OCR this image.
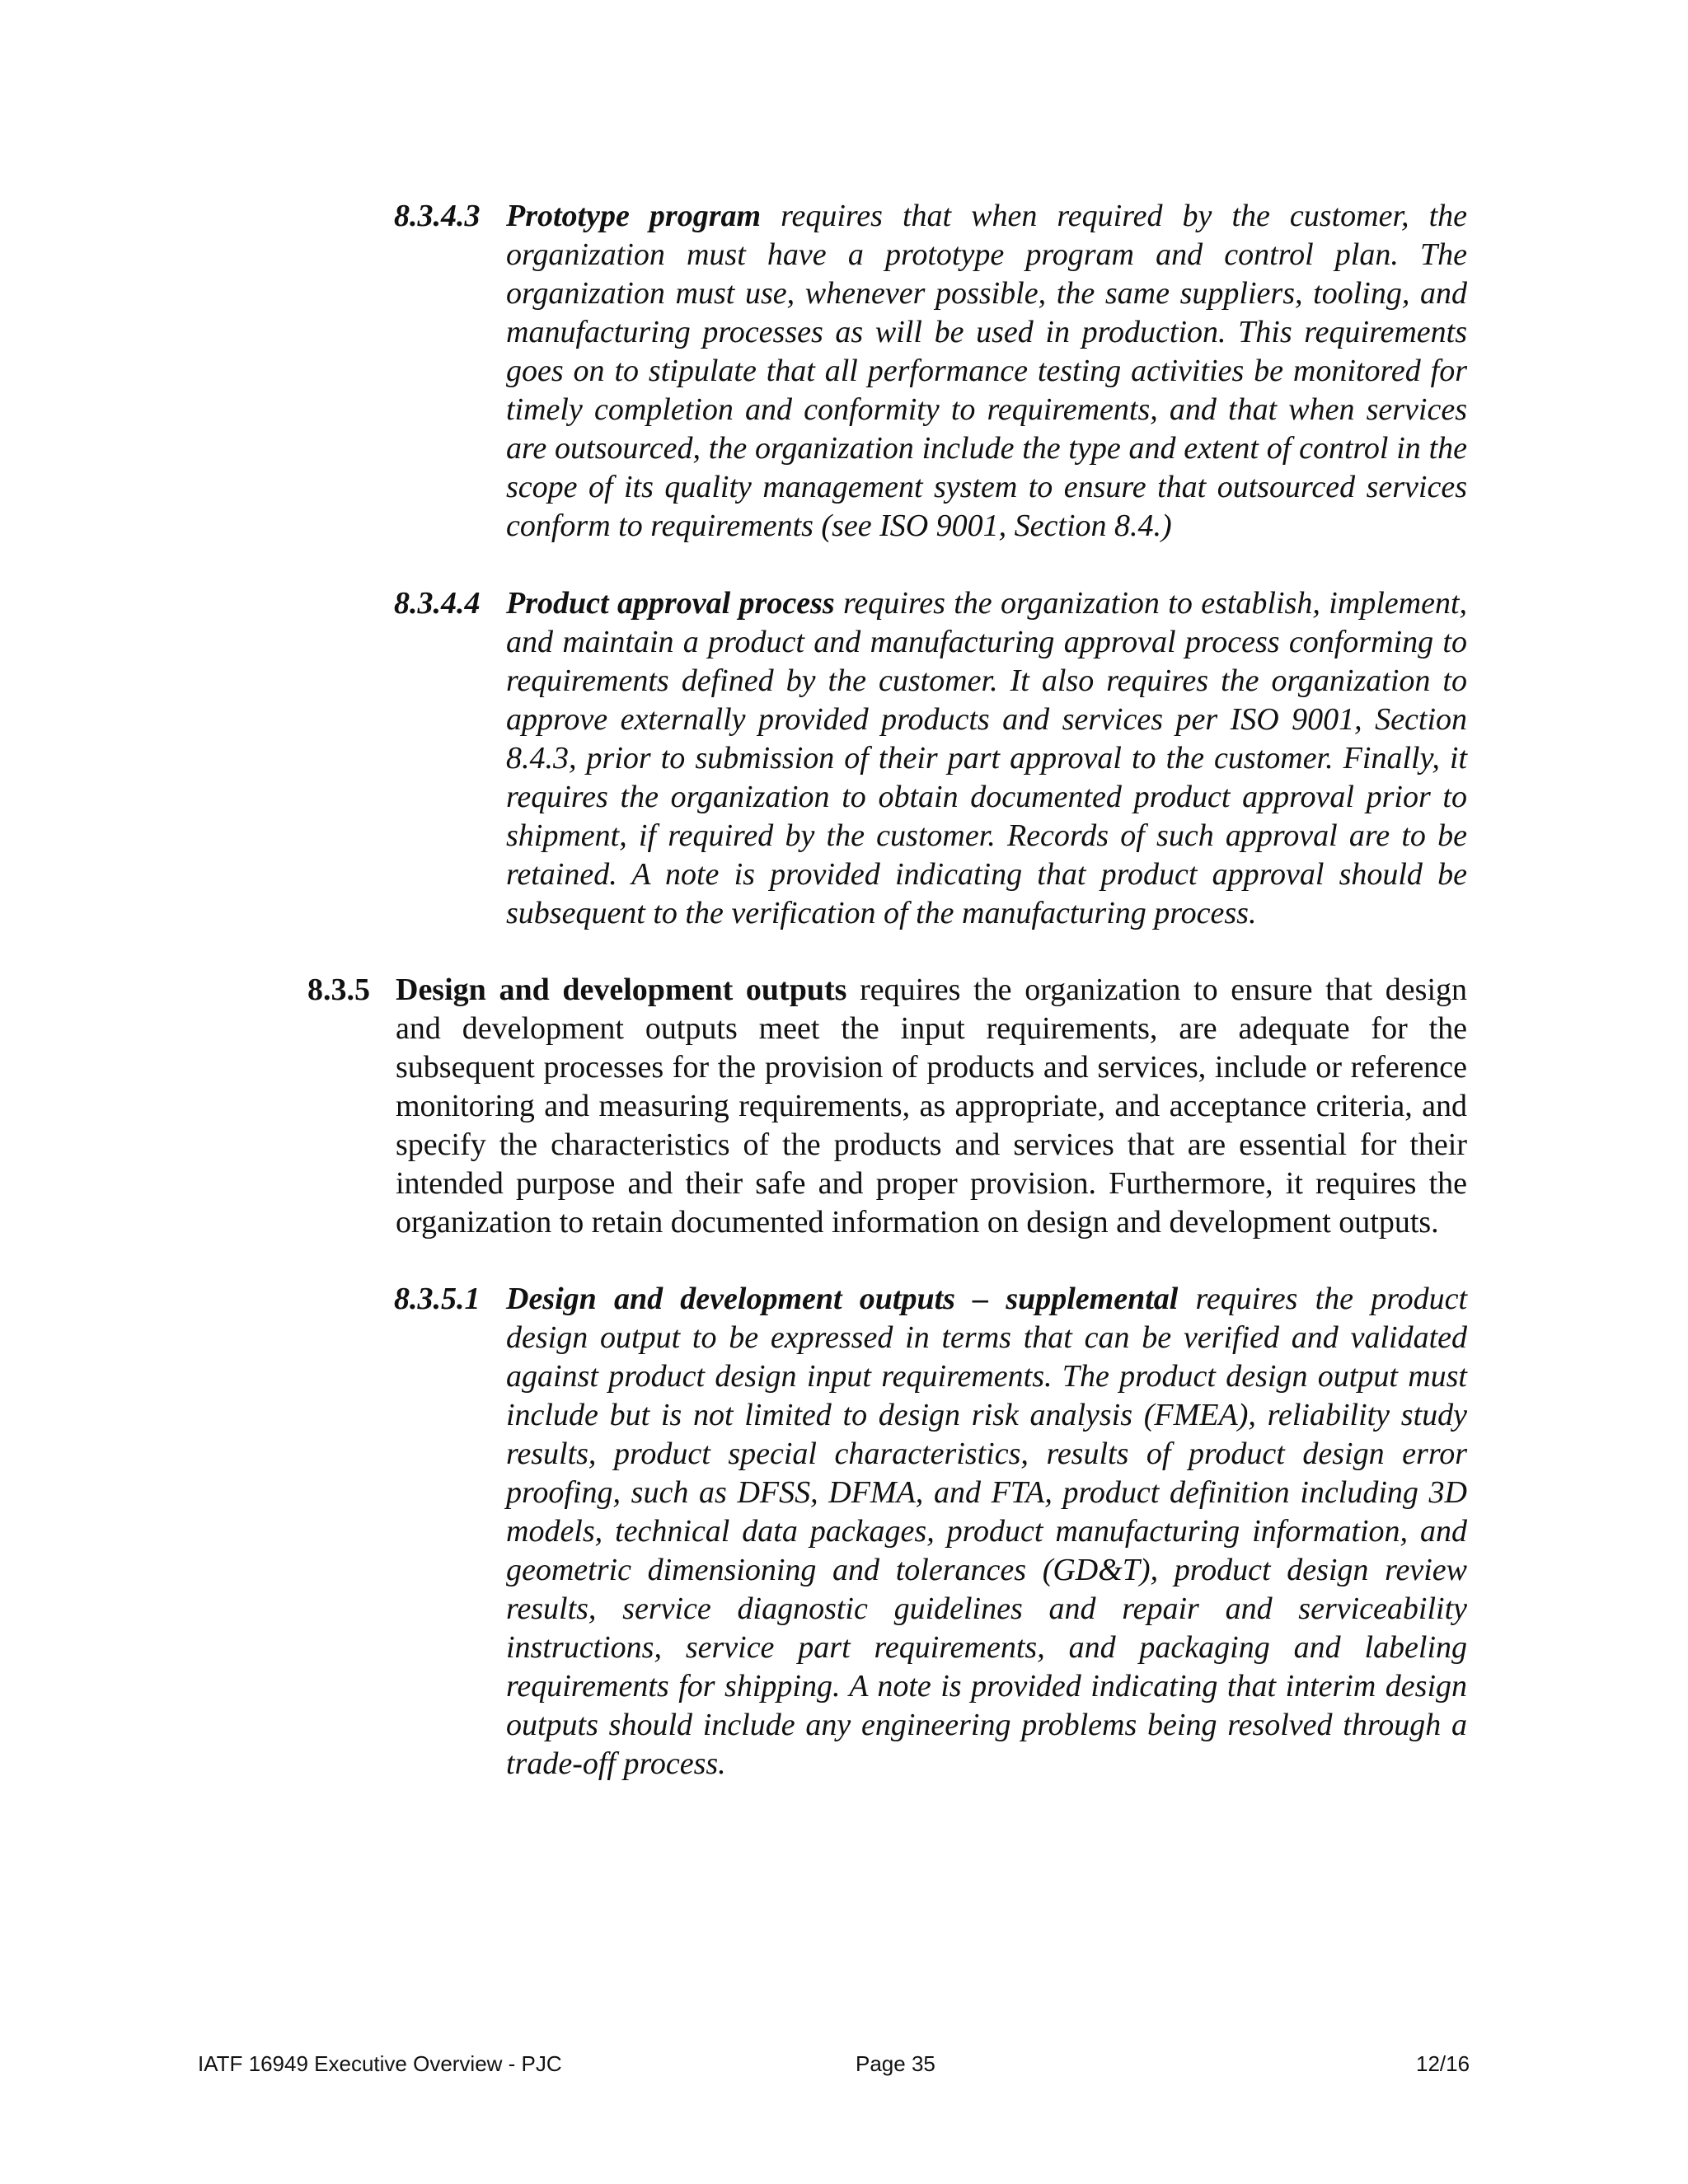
8.3.4.3 Prototype program requires that when required by the customer, the organization must have a prototype program and control plan. The organization must use, whenever possible, the same suppliers, tooling, and manufacturing processes as will be used in production. This requirements goes on to stipulate that all performance testing activities be monitored for timely completion and conformity to requirements, and that when services are outsourced, the organization include the type and extent of control in the scope of its quality management system to ensure that outsourced services conform to requirements (see ISO 9001, Section 8.4.)

8.3.4.4 Product approval process requires the organization to establish, implement, and maintain a product and manufacturing approval process conforming to requirements defined by the customer. It also requires the organization to approve externally provided products and services per ISO 9001, Section 8.4.3, prior to submission of their part approval to the customer. Finally, it requires the organization to obtain documented product approval prior to shipment, if required by the customer. Records of such approval are to be retained. A note is provided indicating that product approval should be subsequent to the verification of the manufacturing process.

8.3.5 Design and development outputs requires the organization to ensure that design and development outputs meet the input requirements, are adequate for the subsequent processes for the provision of products and services, include or reference monitoring and measuring requirements, as appropriate, and acceptance criteria, and specify the characteristics of the products and services that are essential for their intended purpose and their safe and proper provision. Furthermore, it requires the organization to retain documented information on design and development outputs.

8.3.5.1 Design and development outputs – supplemental requires the product design output to be expressed in terms that can be verified and validated against product design input requirements. The product design output must include but is not limited to design risk analysis (FMEA), reliability study results, product special characteristics, results of product design error proofing, such as DFSS, DFMA, and FTA, product definition including 3D models, technical data packages, product manufacturing information, and geometric dimensioning and tolerances (GD&T), product design review results, service diagnostic guidelines and repair and serviceability instructions, service part requirements, and packaging and labeling requirements for shipping. A note is provided indicating that interim design outputs should include any engineering problems being resolved through a trade-off process.

IATF 16949 Executive Overview - PJC	Page 35	12/16
